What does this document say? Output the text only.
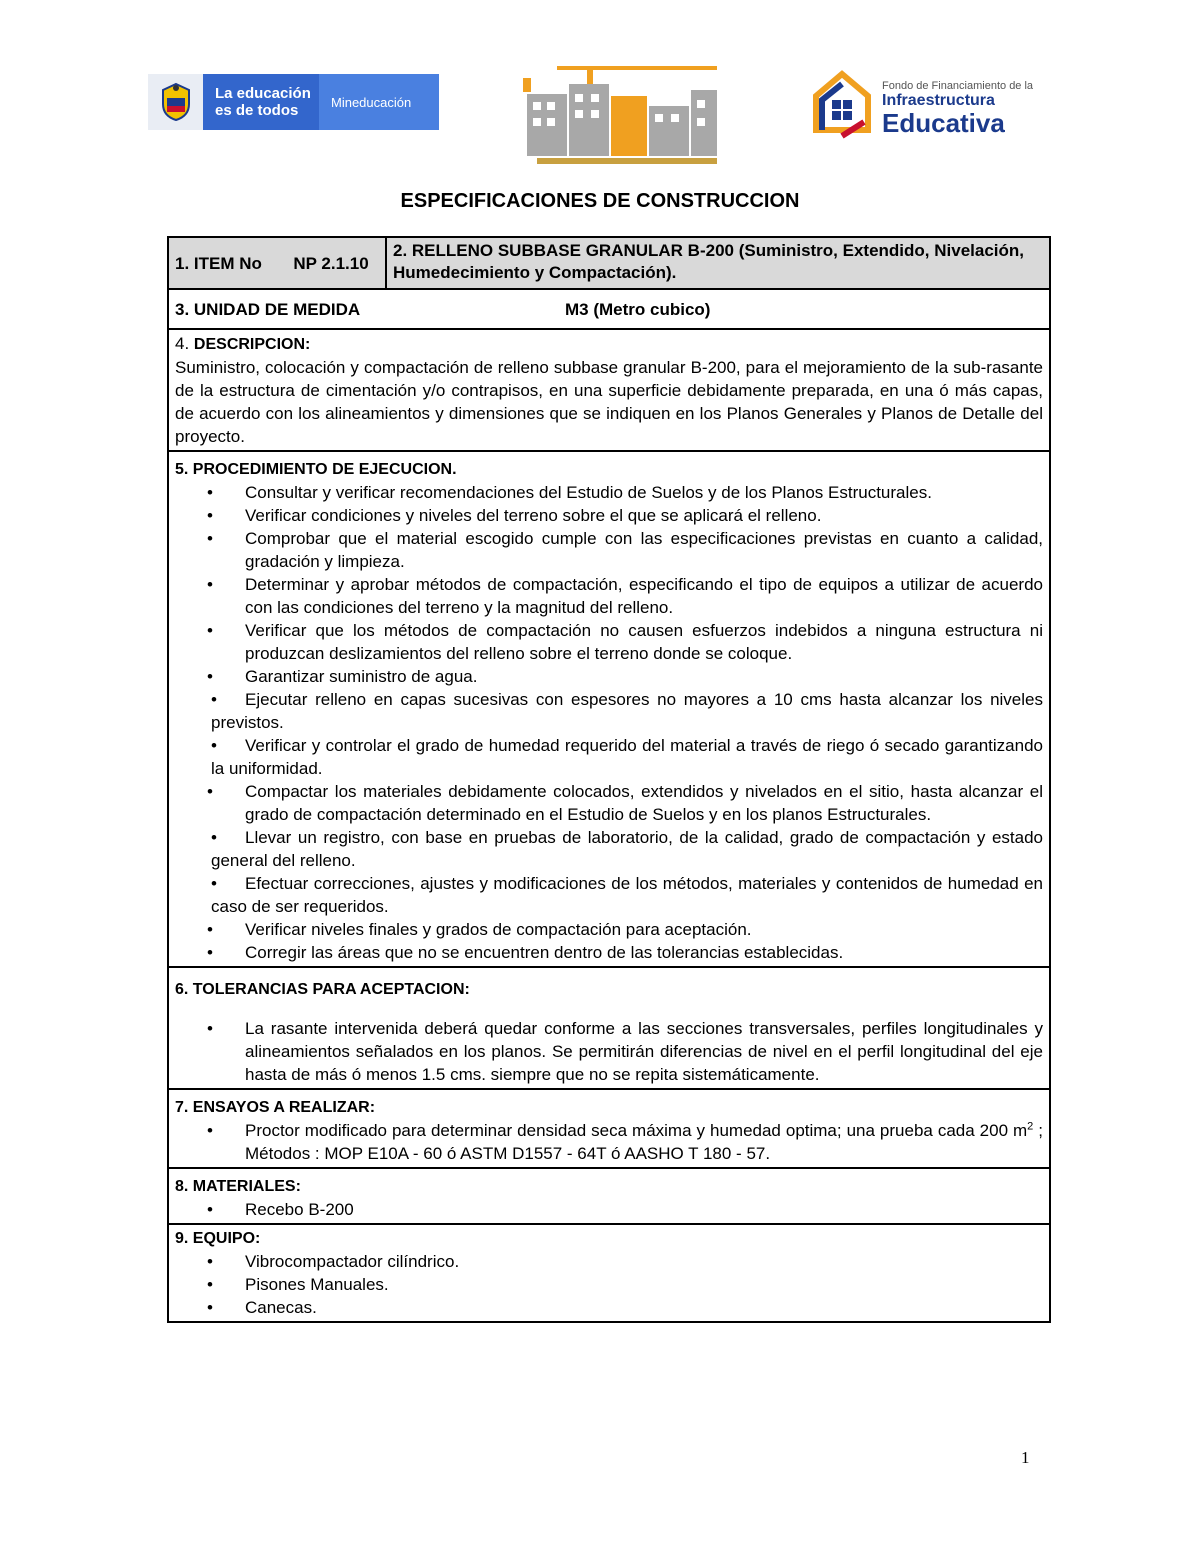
La educación es de todos	Mineducación
Fondo de Financiamiento de la
Infraestructura
Educativa
ESPECIFICACIONES DE CONSTRUCCION
1. ITEM No NP 2.1.10	2. RELLENO SUBBASE GRANULAR B-200 (Suministro, Extendido, Nivelación, Humedecimiento y Compactación).
3. UNIDAD DE MEDIDA	M3 (Metro cubico)

4. DESCRIPCION:
Suministro, colocación y compactación de relleno subbase granular B-200, para el mejoramiento de la sub-rasante de la estructura de cimentación y/o contrapisos, en una superficie debidamente preparada, en una ó más capas, de acuerdo con los alineamientos y dimensiones que se indiquen en los Planos Generales y Planos de Detalle del proyecto.

5. PROCEDIMIENTO DE EJECUCION.
• Consultar y verificar recomendaciones del Estudio de Suelos y de los Planos Estructurales.
• Verificar condiciones y niveles del terreno sobre el que se aplicará el relleno.
• Comprobar que el material escogido cumple con las especificaciones previstas en cuanto a calidad, gradación y limpieza.
• Determinar y aprobar métodos de compactación, especificando el tipo de equipos a utilizar de acuerdo con las condiciones del terreno y la magnitud del relleno.
• Verificar que los métodos de compactación no causen esfuerzos indebidos a ninguna estructura ni produzcan deslizamientos del relleno sobre el terreno donde se coloque.
• Garantizar suministro de agua.
• Ejecutar relleno en capas sucesivas con espesores no mayores a 10 cms hasta alcanzar los niveles previstos.
• Verificar y controlar el grado de humedad requerido del material a través de riego ó secado garantizando la uniformidad.
• Compactar los materiales debidamente colocados, extendidos y nivelados en el sitio, hasta alcanzar el grado de compactación determinado en el Estudio de Suelos y en los planos Estructurales.
• Llevar un registro, con base en pruebas de laboratorio, de la calidad, grado de compactación y estado general del relleno.
• Efectuar correcciones, ajustes y modificaciones de los métodos, materiales y contenidos de humedad en caso de ser requeridos.
• Verificar niveles finales y grados de compactación para aceptación.
• Corregir las áreas que no se encuentren dentro de las tolerancias establecidas.

6. TOLERANCIAS PARA ACEPTACION:
• La rasante intervenida deberá quedar conforme a las secciones transversales, perfiles longitudinales y alineamientos señalados en los planos. Se permitirán diferencias de nivel en el perfil longitudinal del eje hasta de más ó menos 1.5 cms. siempre que no se repita sistemáticamente.

7. ENSAYOS A REALIZAR:
• Proctor modificado para determinar densidad seca máxima y humedad optima; una prueba cada 200 $m^2$ ; Métodos : MOP E10A - 60 ó ASTM D1557 - 64T ó AASHO T 180 - 57.

8. MATERIALES:
• Recebo B-200

9. EQUIPO:
• Vibrocompactador cilíndrico.
• Pisones Manuales.
• Canecas.
1
